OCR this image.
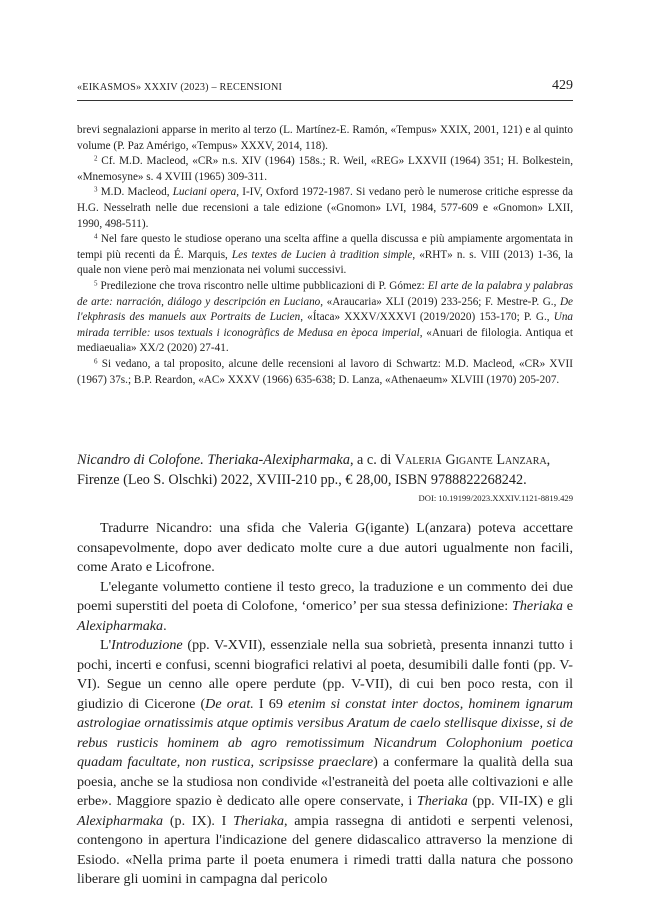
«EIKASMOS» XXXIV (2023) – RECENSIONI	429

brevi segnalazioni apparse in merito al terzo (L. Martínez-E. Ramón, «Tempus» XXIX, 2001, 121) e al quinto volume (P. Paz Amérigo, «Tempus» XXXV, 2014, 118).

$^2$ Cf. M.D. Macleod, «CR» n.s. XIV (1964) 158s.; R. Weil, «REG» LXXVII (1964) 351; H. Bolkestein, «Mnemosyne» s. 4 XVIII (1965) 309-311.

$^3$ M.D. Macleod, Luciani opera, I-IV, Oxford 1972-1987. Si vedano però le numerose critiche espresse da H.G. Nesselrath nelle due recensioni a tale edizione («Gnomon» LVI, 1984, 577-609 e «Gnomon» LXII, 1990, 498-511).

$^4$ Nel fare questo le studiose operano una scelta affine a quella discussa e più ampiamente argomentata in tempi più recenti da É. Marquis, Les textes de Lucien à tradition simple, «RHT» n. s. VIII (2013) 1-36, la quale non viene però mai menzionata nei volumi successivi.

$^5$ Predilezione che trova riscontro nelle ultime pubblicazioni di P. Gómez: El arte de la palabra y palabras de arte: narración, diálogo y descripción en Luciano, «Araucaria» XLI (2019) 233-256; F. Mestre-P. G., De l'ekphrasis des manuels aux Portraits de Lucien, «Ítaca» XXXV/XXXVI (2019/2020) 153-170; P. G., Una mirada terrible: usos textuals i iconogràfics de Medusa en època imperial, «Anuari de filologia. Antiqua et mediaeualia» XX/2 (2020) 27-41.

$^6$ Si vedano, a tal proposito, alcune delle recensioni al lavoro di Schwartz: M.D. Macleod, «CR» XVII (1967) 37s.; B.P. Reardon, «AC» XXXV (1966) 635-638; D. Lanza, «Athenaeum» XLVIII (1970) 205-207.

Nicandro di Colofone. Theriaka-Alexipharmaka, a c. di Valeria Gigante Lanzara, Firenze (Leo S. Olschki) 2022, XVIII-210 pp., € 28,00, ISBN 9788822268242.

DOI: 10.19199/2023.XXXIV.1121-8819.429

Tradurre Nicandro: una sfida che Valeria G(igante) L(anzara) poteva accettare consapevolmente, dopo aver dedicato molte cure a due autori ugualmente non facili, come Arato e Licofrone.

L'elegante volumetto contiene il testo greco, la traduzione e un commento dei due poemi superstiti del poeta di Colofone, ‘omerico’ per sua stessa definizione: Theriaka e Alexipharmaka.

L'Introduzione (pp. V-XVII), essenziale nella sua sobrietà, presenta innanzi tutto i pochi, incerti e confusi, scenni biografici relativi al poeta, desumibili dalle fonti (pp. V-VI). Segue un cenno alle opere perdute (pp. V-VII), di cui ben poco resta, con il giudizio di Cicerone (De orat. I 69 etenim si constat inter doctos, hominem ignarum astrologiae ornatissimis atque optimis versibus Aratum de caelo stellisque dixisse, si de rebus rusticis hominem ab agro remotissimum Nicandrum Colophonium poetica quadam facultate, non rustica, scripsisse praeclare) a confermare la qualità della sua poesia, anche se la studiosa non condivide «l'estraneità del poeta alle coltivazioni e alle erbe». Maggiore spazio è dedicato alle opere conservate, i Theriaka (pp. VII-IX) e gli Alexipharmaka (p. IX). I Theriaka, ampia rassegna di antidoti e serpenti velenosi, contengono in apertura l'indicazione del genere didascalico attraverso la menzione di Esiodo. «Nella prima parte il poeta enumera i rimedi tratti dalla natura che possono liberare gli uomini in campagna dal pericolo
